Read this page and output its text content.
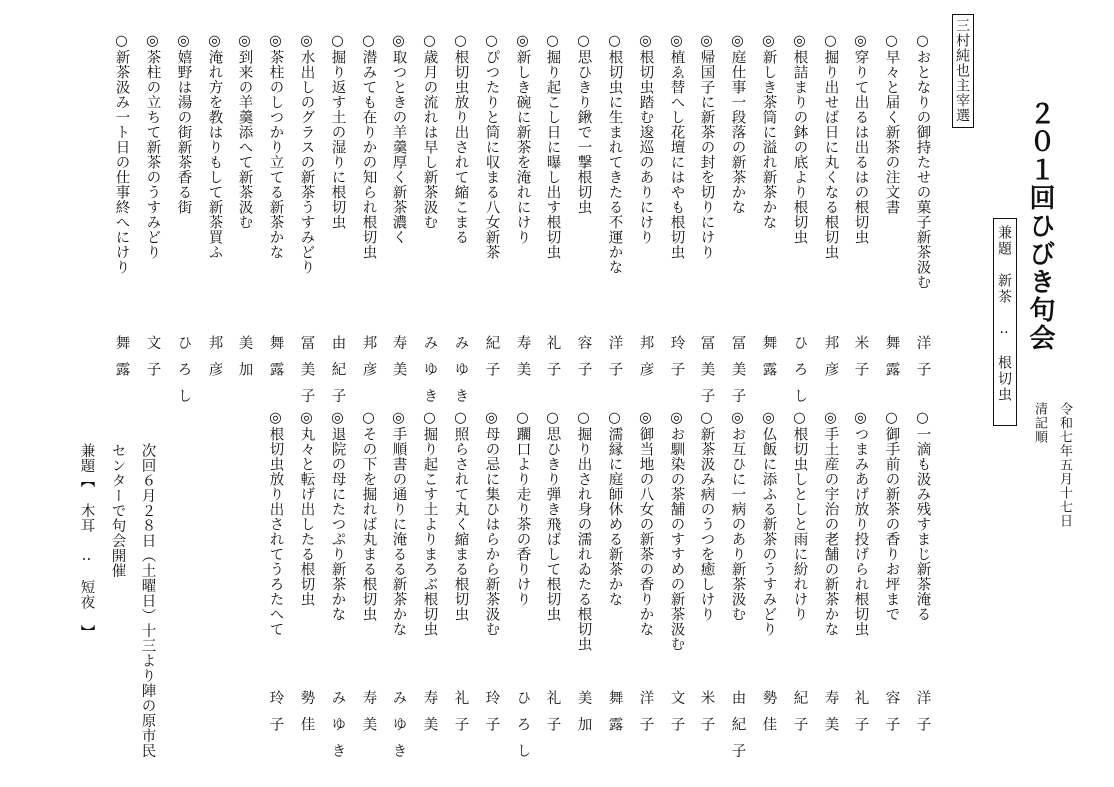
２０１回ひびき句会
令和七年五月十七日
清記順
兼題　新茶　‥　根切虫
三村純也主宰選
○おとなりの御持たせの菓子新茶汲む
洋子
○早々と届く新茶の注文書
舞露
◎穿りて出るは出るはの根切虫
米子
○掘り出せば日に丸くなる根切虫
邦彦
◎根詰まりの鉢の底より根切虫
ひろし
◎新しき茶筒に溢れ新茶かな
舞露
◎庭仕事一段落の新茶かな
冨美子
◎帰国子に新茶の封を切りにけり
冨美子
◎植ゑ替へし花壇にはやも根切虫
玲子
◎根切虫踏む逡巡のありにけり
邦彦
○根切虫に生まれてきたる不運かな
洋子
○思ひきり鍬で一撃根切虫
容子
○掘り起こし日に曝し出す根切虫
礼子
◎新しき碗に新茶を淹れにけり
寿美
○ぴつたりと筒に収まる八女新茶
紀子
○根切虫放り出されて縮こまる
みゆき
○歳月の流れは早し新茶汲む
みゆき
◎取つときの羊羹厚く新茶濃く
寿美
○潜みても在りかの知られ根切虫
邦彦
○掘り返す土の湿りに根切虫
由紀子
◎水出しのグラスの新茶うすみどり
冨美子
◎茶柱のしつかり立てる新茶かな
舞露
◎到来の羊羹添へて新茶汲む
美加
◎淹れ方を教はりもして新茶買ふ
邦彦
◎嬉野は湯の街新茶香る街
ひろし
◎茶柱の立ちて新茶のうすみどり
文子
○新茶汲み一ト日の仕事終へにけり
舞露
○一滴も汲み残すまじ新茶淹る
洋子
○御手前の新茶の香りお坪まで
容子
◎つまみあげ放り投げられ根切虫
礼子
◎手土産の宇治の老舗の新茶かな
寿美
○根切虫しとしと雨に紛れけり
紀子
◎仏飯に添ふる新茶のうすみどり
勢佳
◎お互ひに一病のあり新茶汲む
由紀子
○新茶汲み病のうつを癒しけり
米子
◎お馴染の茶舗のすすめの新茶汲む
文子
◎御当地の八女の新茶の香りかな
洋子
○濡縁に庭師休める新茶かな
舞露
○掘り出され身の濡れゐたる根切虫
美加
○思ひきり弾き飛ばして根切虫
礼子
○躙口より走り茶の香りけり
ひろし
◎母の忌に集ひはらから新茶汲む
玲子
○照らされて丸く縮まる根切虫
礼子
○掘り起こす土よりまろぶ根切虫
寿美
◎手順書の通りに淹るる新茶かな
みゆき
○その下を掘れば丸まる根切虫
寿美
◎退院の母にたつぷり新茶かな
みゆき
◎丸々と転げ出したる根切虫
勢佳
◎根切虫放り出されてうろたへて
玲子
次回６月２８日（土曜日）十三より陣の原市民
センターで句会開催
兼題【　木耳　‥　短夜　】
